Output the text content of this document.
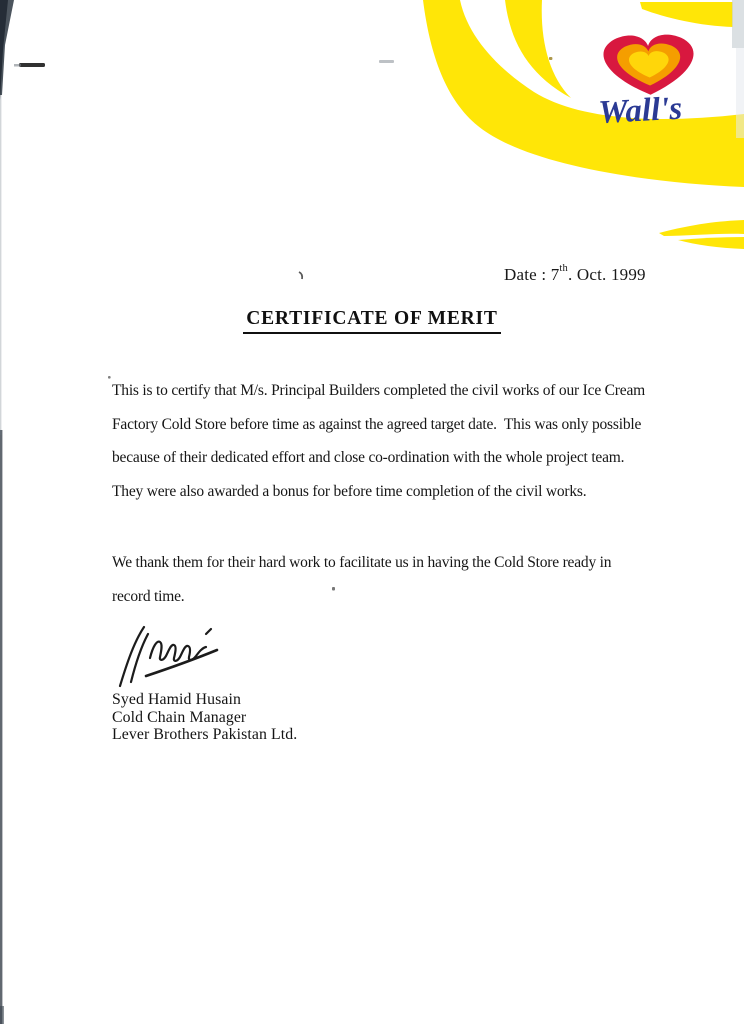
Wall's
Date : 7th. Oct. 1999
CERTIFICATE OF MERIT
This is to certify that M/s. Principal Builders completed the civil works of our Ice Cream
Factory Cold Store before time as against the agreed target date.  This was only possible
because of their dedicated effort and close co-ordination with the whole project team.
They were also awarded a bonus for before time completion of the civil works.
We thank them for their hard work to facilitate us in having the Cold Store ready in
record time.
Syed Hamid Husain
Cold Chain Manager
Lever Brothers Pakistan Ltd.
